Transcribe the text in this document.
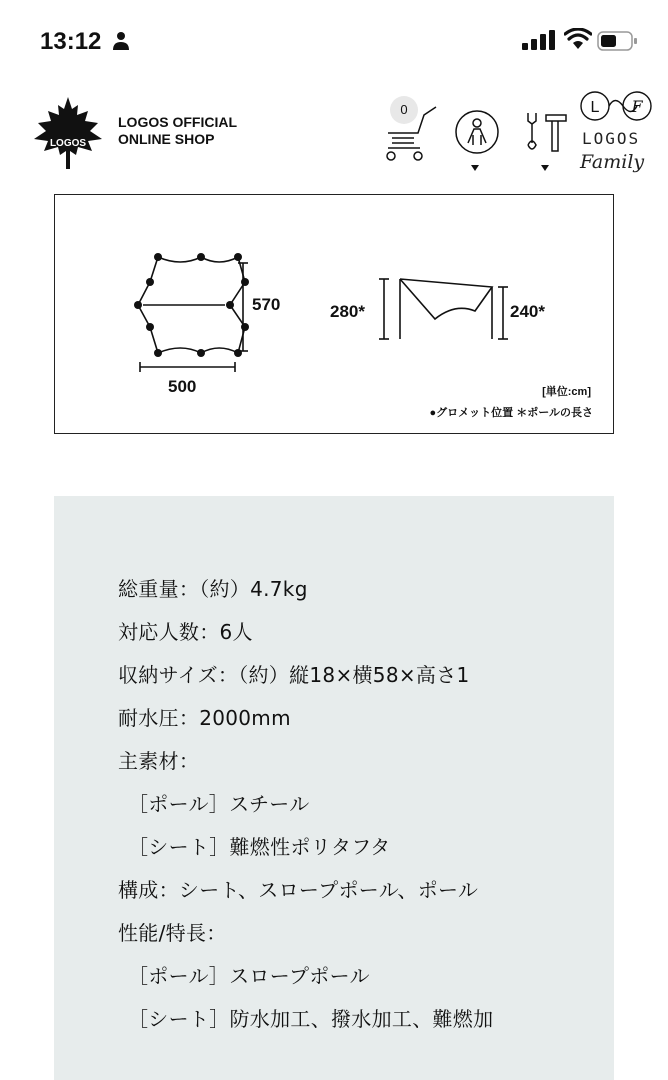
13:12
LOGOS
LOGOS OFFICIAL
ONLINE SHOP
0	L F
LOGOS
Family
570
500
280*	240*
[単位:cm]
●グロメット位置 ＊ポールの長さ
総重量：（約）4.7kg
対応人数：6人
収納サイズ：（約）縦18×横58×高さ1
耐水圧：2000mm
主素材：
［ポール］スチール
［シート］難燃性ポリタフタ
構成：シート、スロープポール、ポール
性能/特長：
［ポール］スロープポール
［シート］防水加工、撥水加工、難燃加
